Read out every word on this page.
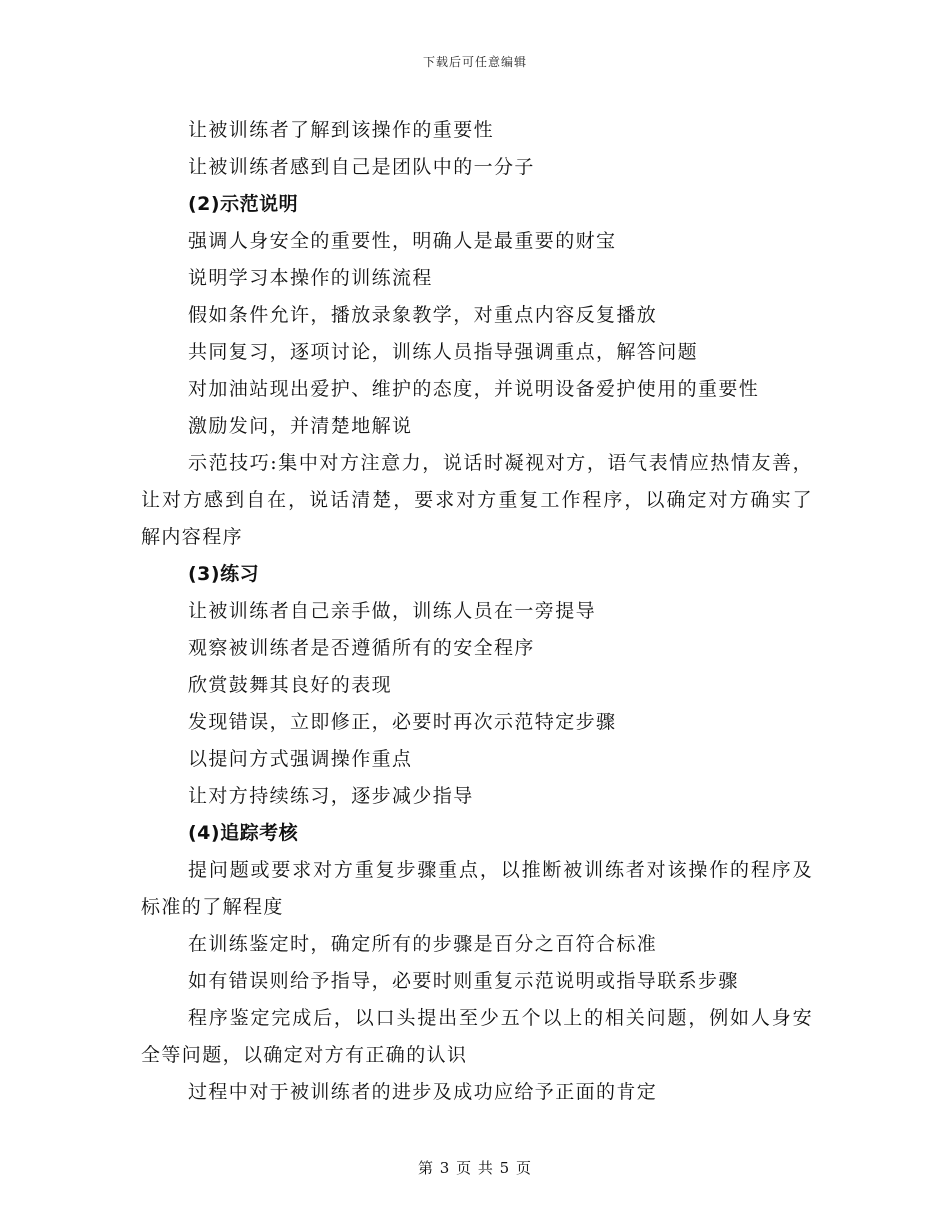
下载后可任意编辑
让被训练者了解到该操作的重要性
让被训练者感到自己是团队中的一分子
(2)示范说明
强调人身安全的重要性，明确人是最重要的财宝
说明学习本操作的训练流程
假如条件允许，播放录象教学，对重点内容反复播放
共同复习，逐项讨论，训练人员指导强调重点，解答问题
对加油站现出爱护、维护的态度，并说明设备爱护使用的重要性
激励发问，并清楚地解说
示范技巧:集中对方注意力，说话时凝视对方，语气表情应热情友善，让对方感到自在，说话清楚，要求对方重复工作程序，以确定对方确实了解内容程序
(3)练习
让被训练者自己亲手做，训练人员在一旁提导
观察被训练者是否遵循所有的安全程序
欣赏鼓舞其良好的表现
发现错误，立即修正，必要时再次示范特定步骤
以提问方式强调操作重点
让对方持续练习，逐步减少指导
(4)追踪考核
提问题或要求对方重复步骤重点，以推断被训练者对该操作的程序及标准的了解程度
在训练鉴定时，确定所有的步骤是百分之百符合标准
如有错误则给予指导，必要时则重复示范说明或指导联系步骤
程序鉴定完成后，以口头提出至少五个以上的相关问题，例如人身安全等问题，以确定对方有正确的认识
过程中对于被训练者的进步及成功应给予正面的肯定
第 3 页 共 5 页
